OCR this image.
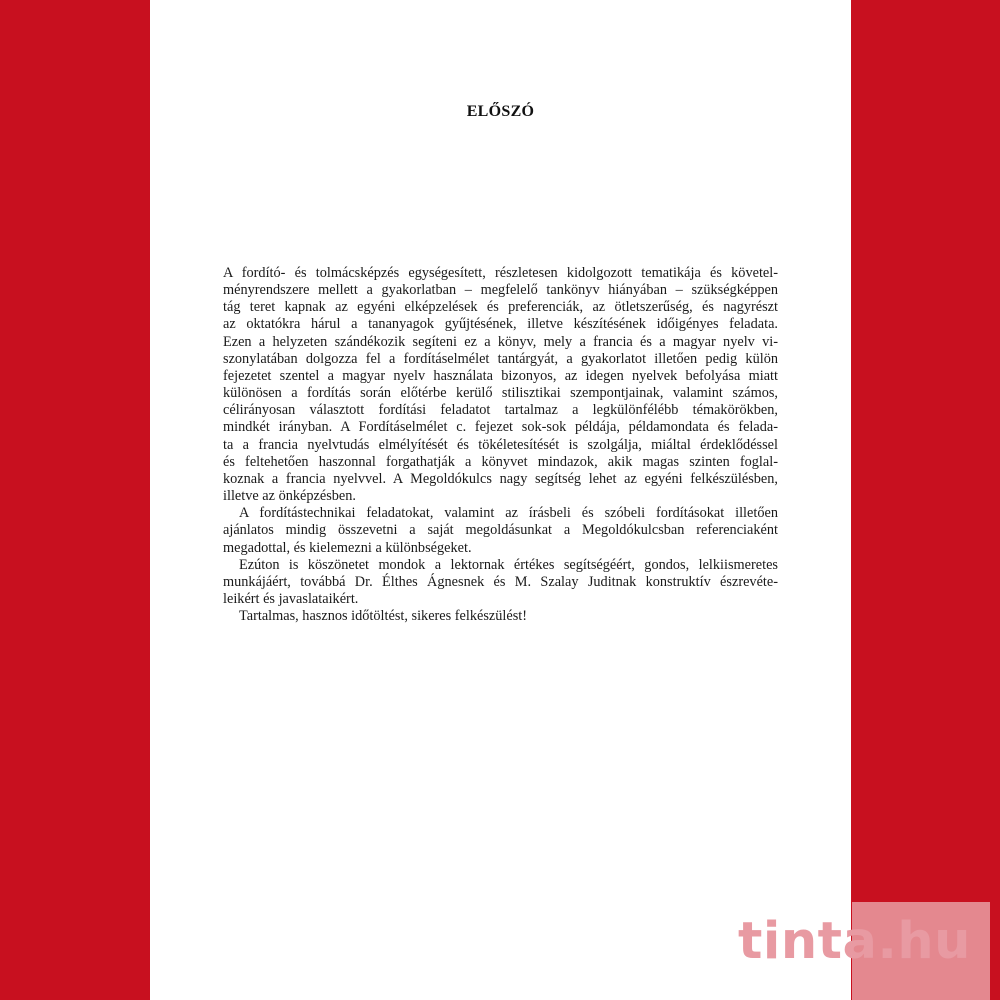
ELŐSZÓ
A fordító- és tolmácsképzés egységesített, részletesen kidolgozott tematikája és követel-
ményrendszere mellett a gyakorlatban – megfelelő tankönyv hiányában – szükségképpen
tág teret kapnak az egyéni elképzelések és preferenciák, az ötletszerűség, és nagyrészt
az oktatókra hárul a tananyagok gyűjtésének, illetve készítésének időigényes feladata.
Ezen a helyzeten szándékozik segíteni ez a könyv, mely a francia és a magyar nyelv vi-
szonylatában dolgozza fel a fordításelmélet tantárgyát, a gyakorlatot illetően pedig külön
fejezetet szentel a magyar nyelv használata bizonyos, az idegen nyelvek befolyása miatt
különösen a fordítás során előtérbe kerülő stilisztikai szempontjainak, valamint számos,
célirányosan választott fordítási feladatot tartalmaz a legkülönfélébb témakörökben,
mindkét irányban. A Fordításelmélet c. fejezet sok-sok példája, példamondata és felada-
ta a francia nyelvtudás elmélyítését és tökéletesítését is szolgálja, miáltal érdeklődéssel
és feltehetően haszonnal forgathatják a könyvet mindazok, akik magas szinten foglal-
koznak a francia nyelvvel. A Megoldókulcs nagy segítség lehet az egyéni felkészülésben,
illetve az önképzésben.
A fordítástechnikai feladatokat, valamint az írásbeli és szóbeli fordításokat illetően
ajánlatos mindig összevetni a saját megoldásunkat a Megoldókulcsban referenciaként
megadottal, és kielemezni a különbségeket.
Ezúton is köszönetet mondok a lektornak értékes segítségéért, gondos, lelkiismeretes
munkájáért, továbbá Dr. Élthes Ágnesnek és M. Szalay Juditnak konstruktív észrevéte-
leikért és javaslataikért.
Tartalmas, hasznos időtöltést, sikeres felkészülést!
tinta.hu
